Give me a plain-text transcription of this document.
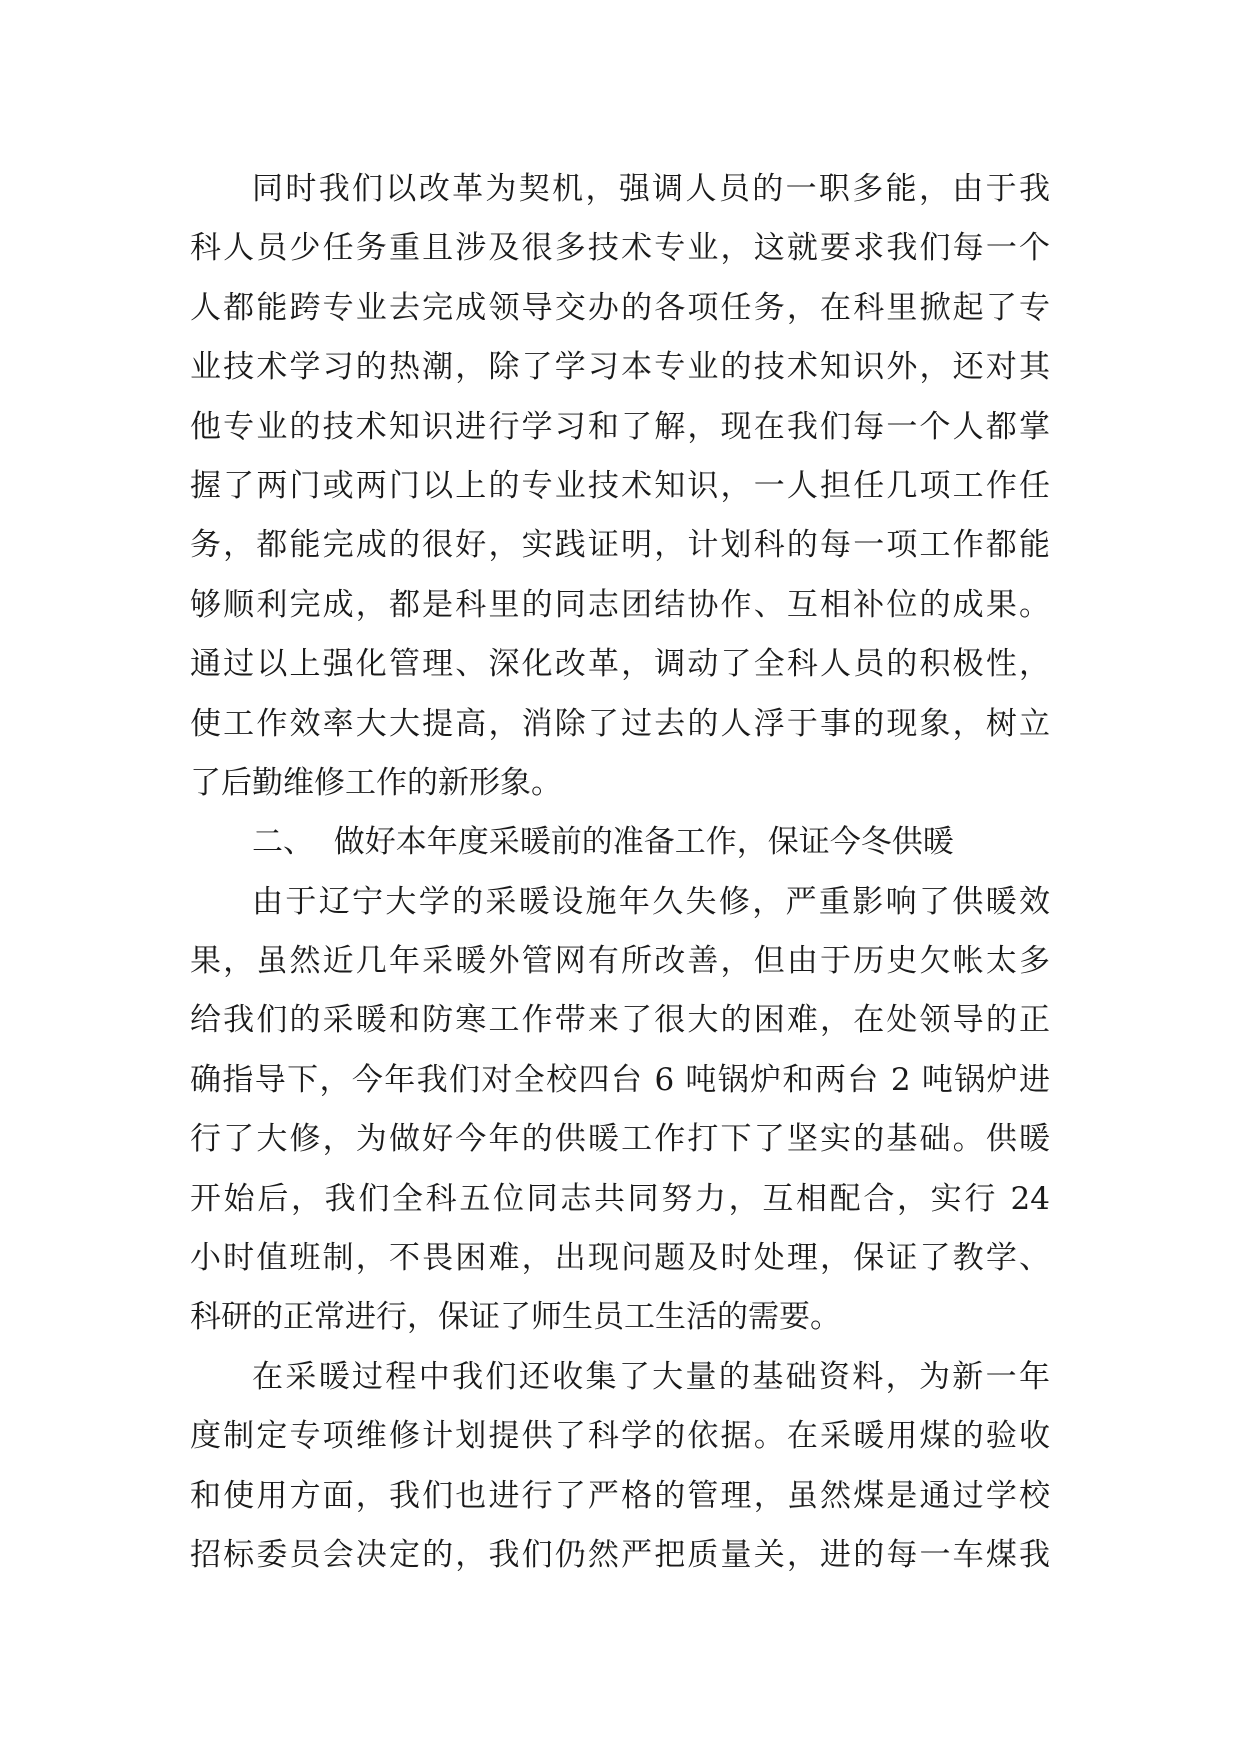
同时我们以改革为契机，强调人员的一职多能，由于我
科人员少任务重且涉及很多技术专业，这就要求我们每一个
人都能跨专业去完成领导交办的各项任务，在科里掀起了专
业技术学习的热潮，除了学习本专业的技术知识外，还对其
他专业的技术知识进行学习和了解，现在我们每一个人都掌
握了两门或两门以上的专业技术知识，一人担任几项工作任
务，都能完成的很好，实践证明，计划科的每一项工作都能
够顺利完成，都是科里的同志团结协作、互相补位的成果。
通过以上强化管理、深化改革，调动了全科人员的积极性，
使工作效率大大提高，消除了过去的人浮于事的现象，树立
了后勤维修工作的新形象。
二、  做好本年度采暖前的准备工作，保证今冬供暖
由于辽宁大学的采暖设施年久失修，严重影响了供暖效
果，虽然近几年采暖外管网有所改善，但由于历史欠帐太多
给我们的采暖和防寒工作带来了很大的困难，在处领导的正
确指导下，今年我们对全校四台 6 吨锅炉和两台 2 吨锅炉进
行了大修，为做好今年的供暖工作打下了坚实的基础。供暖
开始后，我们全科五位同志共同努力，互相配合，实行 24
小时值班制，不畏困难，出现问题及时处理，保证了教学、
科研的正常进行，保证了师生员工生活的需要。
在采暖过程中我们还收集了大量的基础资料，为新一年
度制定专项维修计划提供了科学的依据。在采暖用煤的验收
和使用方面，我们也进行了严格的管理，虽然煤是通过学校
招标委员会决定的，我们仍然严把质量关，进的每一车煤我
